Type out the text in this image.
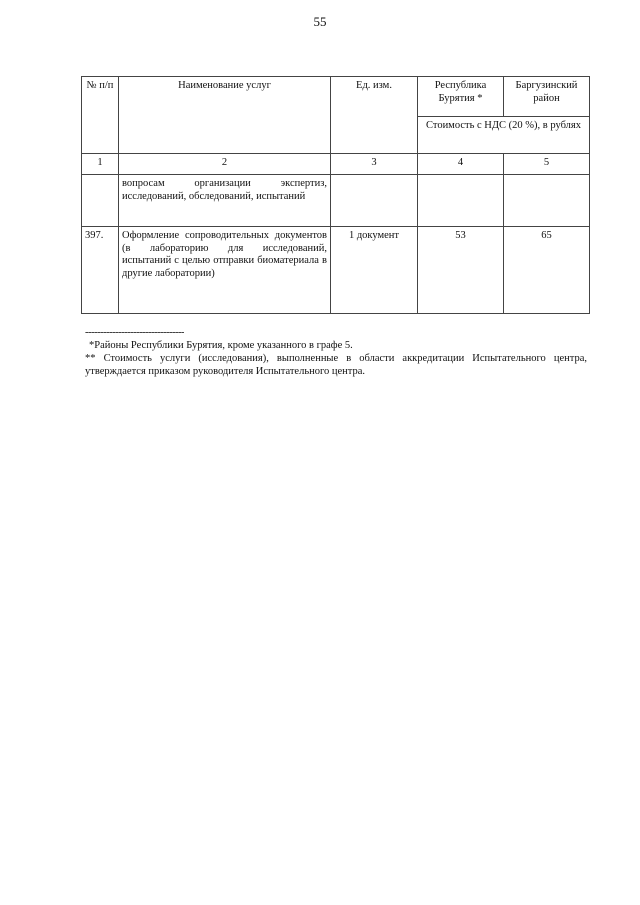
55
№ п/п	Наименование услуг	Ед. изм.	Республика Бурятия *	Баргузинский район
			Стоимость с НДС (20 %), в рублях	
1	2	3	4	5
	вопросам организации экспертиз, исследований, обследований, испытаний			
397.	Оформление сопроводительных документов (в лабораторию для исследований, испытаний с целью отправки биоматериала в другие лаборатории)	1 документ	53	65
---------------------------------
*Районы Республики Бурятия, кроме указанного в графе 5.
** Стоимость услуги (исследования), выполненные в области аккредитации Испытательного центра, утверждается приказом руководителя Испытательного центра.
